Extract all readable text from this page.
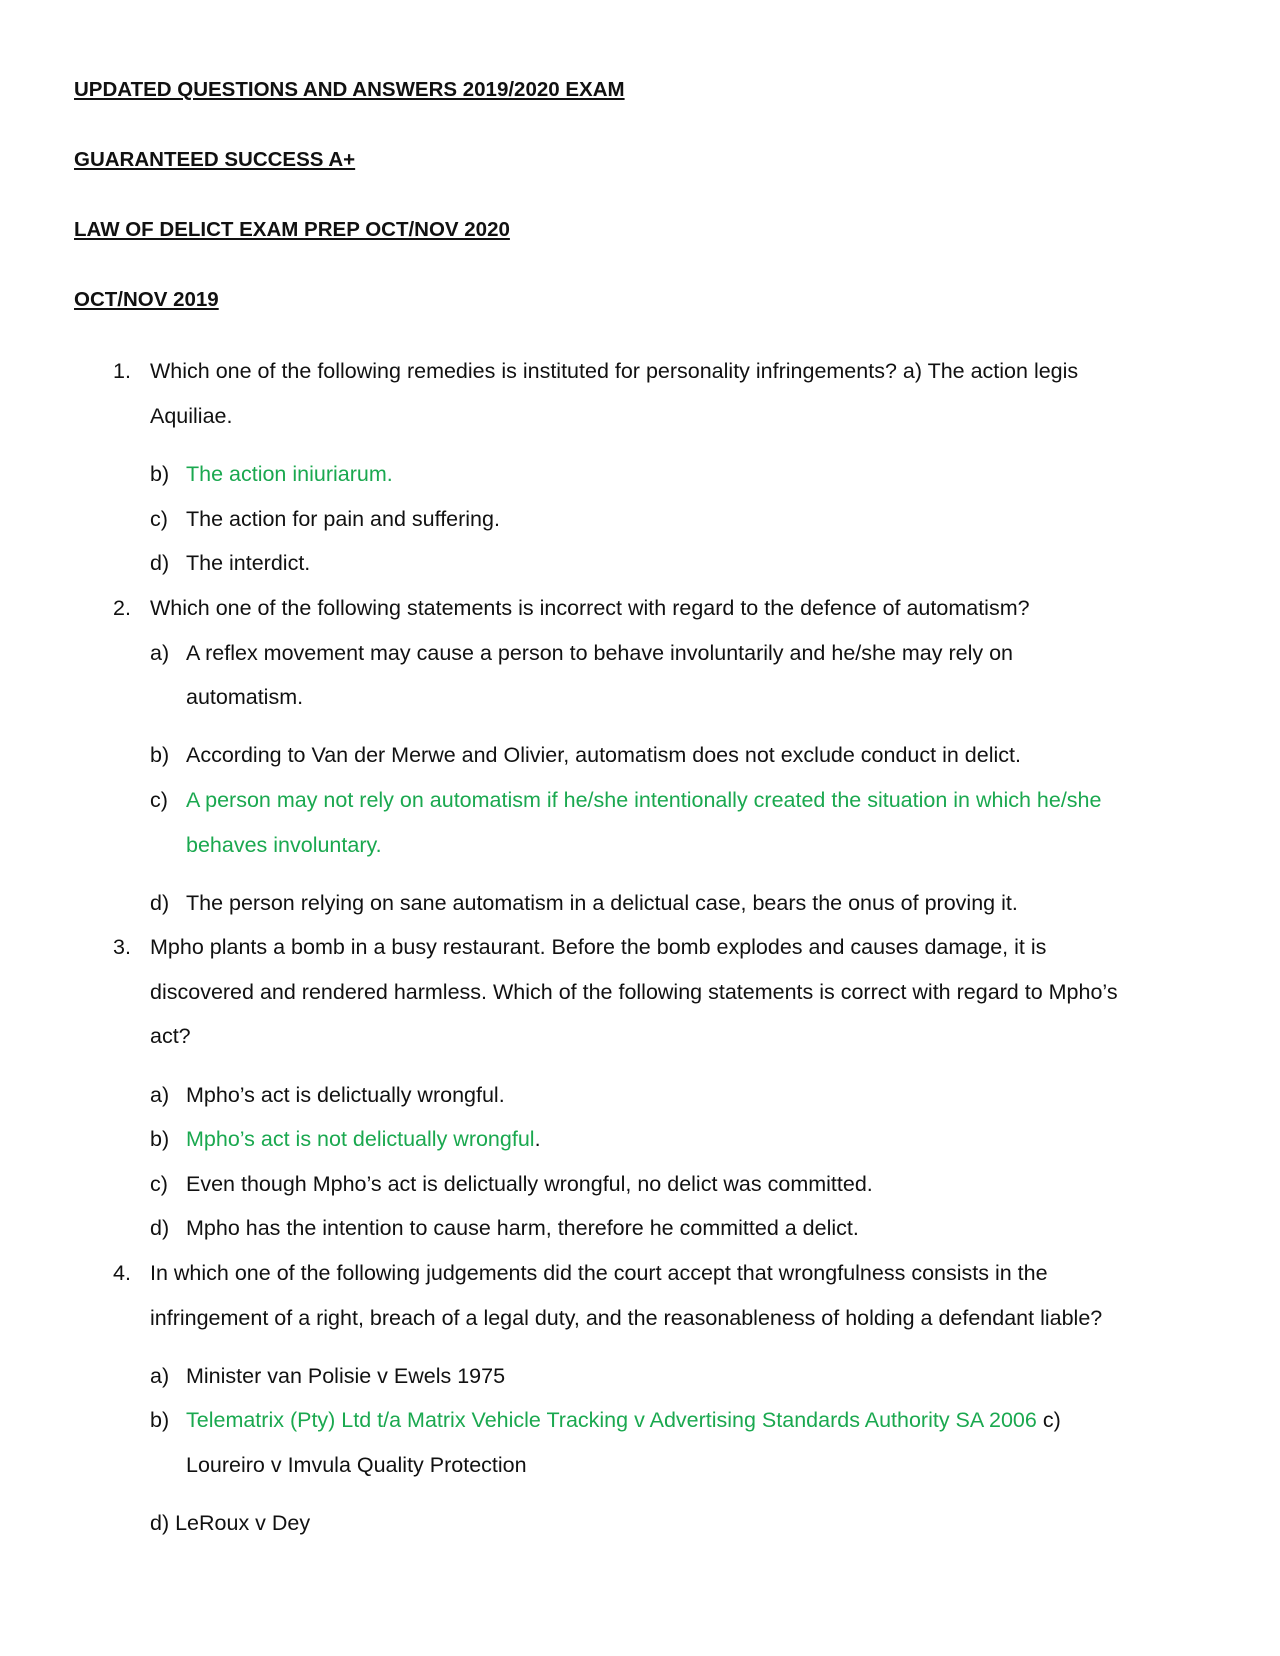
UPDATED QUESTIONS AND ANSWERS 2019/2020 EXAM
GUARANTEED SUCCESS A+
LAW OF DELICT EXAM PREP OCT/NOV 2020
OCT/NOV 2019
1. Which one of the following remedies is instituted for personality infringements? a) The action legis
Aquiliae.
b) The action iniuriarum.
c) The action for pain and suffering.
d) The interdict.
2. Which one of the following statements is incorrect with regard to the defence of automatism?
a) A reflex movement may cause a person to behave involuntarily and he/she may rely on
automatism.
b) According to Van der Merwe and Olivier, automatism does not exclude conduct in delict.
c) A person may not rely on automatism if he/she intentionally created the situation in which he/she
behaves involuntary.
d) The person relying on sane automatism in a delictual case, bears the onus of proving it.
3. Mpho plants a bomb in a busy restaurant. Before the bomb explodes and causes damage, it is
discovered and rendered harmless. Which of the following statements is correct with regard to Mpho’s
act?
a) Mpho’s act is delictually wrongful.
b) Mpho’s act is not delictually wrongful.
c) Even though Mpho’s act is delictually wrongful, no delict was committed.
d) Mpho has the intention to cause harm, therefore he committed a delict.
4. In which one of the following judgements did the court accept that wrongfulness consists in the
infringement of a right, breach of a legal duty, and the reasonableness of holding a defendant liable?
a) Minister van Polisie v Ewels 1975
b) Telematrix (Pty) Ltd t/a Matrix Vehicle Tracking v Advertising Standards Authority SA 2006 c)
Loureiro v Imvula Quality Protection
d) LeRoux v Dey
